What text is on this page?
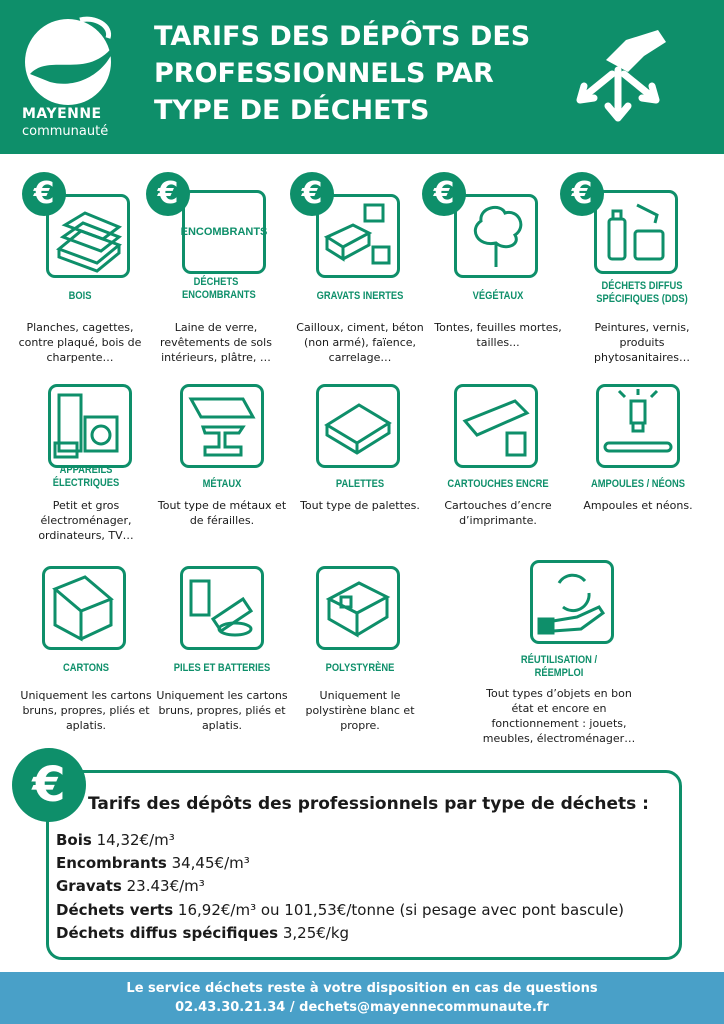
MAYENNE
communauté
TARIFS DES DÉPÔTS DES
PROFESSIONNELS PAR
TYPE DE DÉCHETS
€
BOIS
Planches, cagettes, contre plaqué, bois de charpente…
ENCOMBRANTS
€
DÉCHETS ENCOMBRANTS
Laine de verre, revêtements de sols intérieurs, plâtre, …
€
GRAVATS INERTES
Cailloux, ciment, béton (non armé), faïence, carrelage…
€
VÉGÉTAUX
Tontes, feuilles mortes, tailles...
€
DÉCHETS DIFFUS SPÉCIFIQUES (DDS)
Peintures, vernis, produits phytosanitaires…
APPAREILS ÉLECTRIQUES
Petit et gros électroménager, ordinateurs, TV…
MÉTAUX
Tout type de métaux et de férailles.
PALETTES
Tout type de palettes.
CARTOUCHES ENCRE
Cartouches d’encre d’imprimante.
AMPOULES / NÉONS
Ampoules et néons.
CARTONS
Uniquement les cartons bruns, propres, pliés et aplatis.
PILES ET BATTERIES
Uniquement les cartons bruns, propres, pliés et aplatis.
POLYSTYRÈNE
Uniquement le polystirène blanc et propre.
RÉUTILISATION / RÉEMPLOI
Tout types d’objets en bon état et encore en fonctionnement : jouets, meubles, électroménager…
€	Tarifs des dépôts des professionnels par type de déchets :
Bois 14,32€/m³
Encombrants 34,45€/m³
Gravats 23.43€/m³
Déchets verts 16,92€/m³ ou 101,53€/tonne (si pesage avec pont bascule)
Déchets diffus spécifiques 3,25€/kg
Le service déchets reste à votre disposition en cas de questions
02.43.30.21.34 / dechets@mayennecommunaute.fr
